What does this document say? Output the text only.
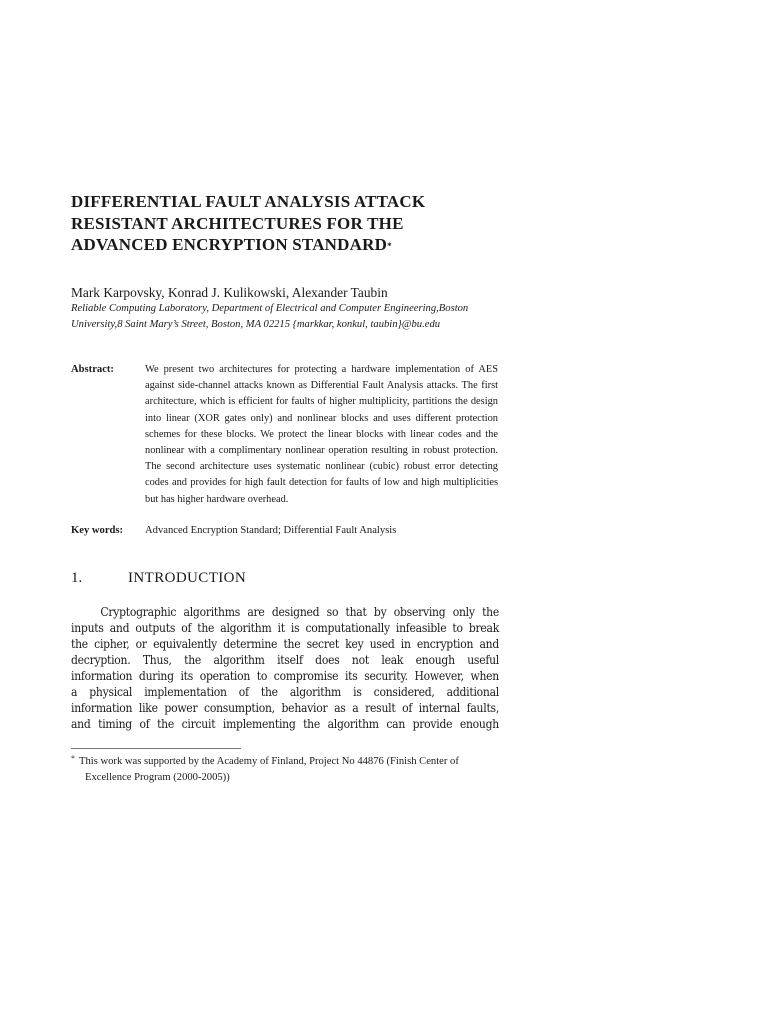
DIFFERENTIAL FAULT ANALYSIS ATTACK
RESISTANT ARCHITECTURES FOR THE
ADVANCED ENCRYPTION STANDARD*
Mark Karpovsky, Konrad J. Kulikowski, Alexander Taubin
Reliable Computing Laboratory, Department of Electrical and Computer Engineering,Boston
University,8 Saint Mary’s Street, Boston, MA 02215 {markkar, konkul, taubin}@bu.edu
Abstract:	We present two architectures for protecting a hardware implementation of AES against side-channel attacks known as Differential Fault Analysis attacks. The first architecture, which is efficient for faults of higher multiplicity, partitions the design into linear (XOR gates only) and nonlinear blocks and uses different protection schemes for these blocks. We protect the linear blocks with linear codes and the nonlinear with a complimentary nonlinear operation resulting in robust protection. The second architecture uses systematic nonlinear (cubic) robust error detecting codes and provides for high fault detection for faults of low and high multiplicities but has higher hardware overhead.
Key words: Advanced Encryption Standard; Differential Fault Analysis
1.	INTRODUCTION
Cryptographic algorithms are designed so that by observing only the
inputs and outputs of the algorithm it is computationally infeasible to break
the cipher, or equivalently determine the secret key used in encryption and
decryption. Thus, the algorithm itself does not leak enough useful
information during its operation to compromise its security. However, when
a physical implementation of the algorithm is considered, additional
information like power consumption, behavior as a result of internal faults,
and timing of the circuit implementing the algorithm can provide enough
* This work was supported by the Academy of Finland, Project No 44876 (Finish Center of
Excellence Program (2000-2005))
